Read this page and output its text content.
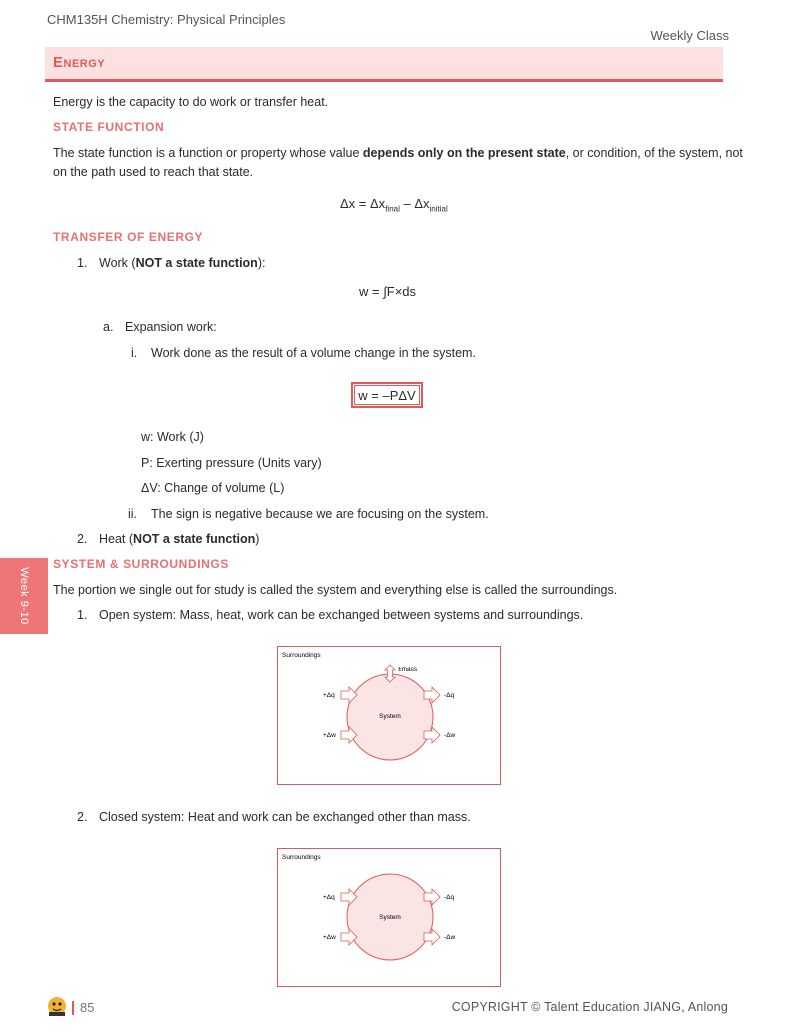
CHM135H Chemistry: Physical Principles
Weekly Class
Energy
Energy is the capacity to do work or transfer heat.
STATE FUNCTION
The state function is a function or property whose value depends only on the present state, or condition, of the system, not
on the path used to reach that state.
$\Delta x = \Delta x_{final} - \Delta x_{initial}$
TRANSFER OF ENERGY
1. Work (NOT a state function):
w = ∫F×ds
a. Expansion work:
i. Work done as the result of a volume change in the system.
w = –PΔV
w: Work (J)
P: Exerting pressure (Units vary)
ΔV: Change of volume (L)
ii. The sign is negative because we are focusing on the system.
2. Heat (NOT a state function)
Week 9-10
SYSTEM & SURROUNDINGS
The portion we single out for study is called the system and everything else is called the surroundings.
1. Open system: Mass, heat, work can be exchanged between systems and surroundings.
Surroundings
System
±mass
+Δq
+Δw
-Δq
-Δw
2. Closed system: Heat and work can be exchanged other than mass.
Surroundings
System
+Δq
+Δw
-Δq
-Δw
85	COPYRIGHT © Talent Education JIANG, Anlong
